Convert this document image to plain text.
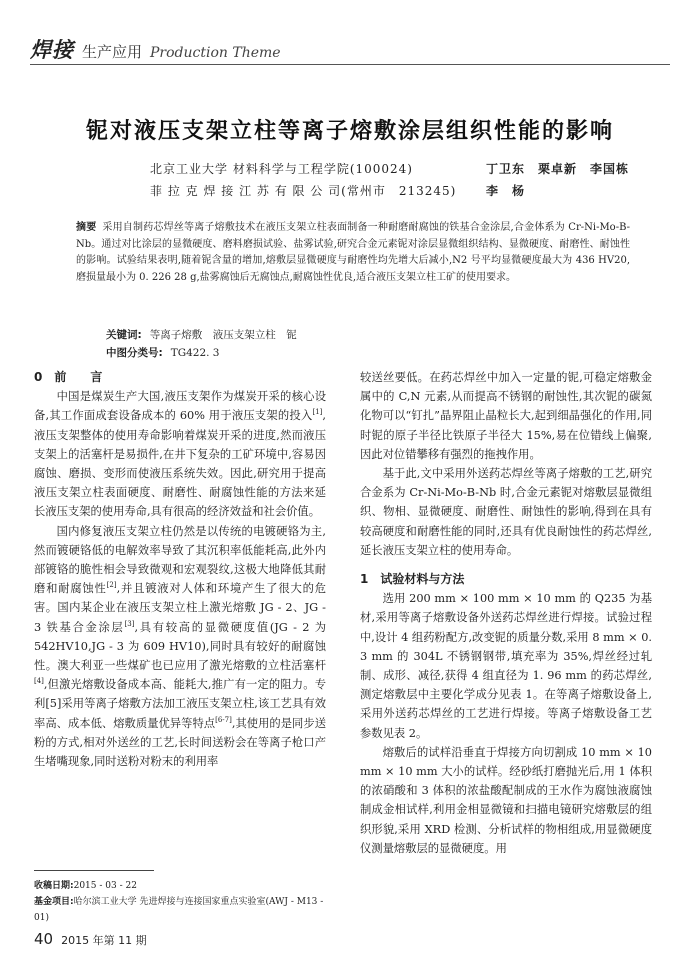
焊接 生产应用 Production Theme
铌对液压支架立柱等离子熔敷涂层组织性能的影响
北京工业大学 材料科学与工程学院(100024)	丁卫东　栗卓新　李国栋
菲 拉 克 焊 接 江 苏 有 限 公 司(常州市　213245) 李　杨
摘要 采用自制药芯焊丝等离子熔敷技术在液压支架立柱表面制备一种耐磨耐腐蚀的铁基合金涂层,合金体系为 Cr-Ni-Mo-B-Nb。通过对比涂层的显微硬度、磨料磨损试验、盐雾试验,研究合金元素铌对涂层显微组织结构、显微硬度、耐磨性、耐蚀性的影响。试验结果表明,随着铌含量的增加,熔敷层显微硬度与耐磨性均先增大后减小,N2 号平均显微硬度最大为 436 HV20,磨损量最小为 0. 226 28 g,盐雾腐蚀后无腐蚀点,耐腐蚀性优良,适合液压支架立柱工矿的使用要求。
关键词: 等离子熔敷　液压支架立柱　铌
中图分类号: TG422. 3

0　前　　言

中国是煤炭生产大国,液压支架作为煤炭开采的核心设备,其工作面成套设备成本的 60% 用于液压支架的投入[1],液压支架整体的使用寿命影响着煤炭开采的进度,然而液压支架上的活塞杆是易损件,在井下复杂的工矿环境中,容易因腐蚀、磨损、变形而使液压系统失效。因此,研究用于提高液压支架立柱表面硬度、耐磨性、耐腐蚀性能的方法来延长液压支架的使用寿命,具有很高的经济效益和社会价值。

国内修复液压支架立柱仍然是以传统的电镀硬铬为主,然而镀硬铬低的电解效率导致了其沉积率低能耗高,此外内部镀铬的脆性相会导致微观和宏观裂纹,这极大地降低其耐磨和耐腐蚀性[2],并且镀液对人体和环境产生了很大的危害。国内某企业在液压支架立柱上激光熔敷 JG - 2、JG - 3 铁基合金涂层[3],具有较高的显微硬度值(JG - 2 为 542HV10,JG - 3 为 609 HV10),同时具有较好的耐腐蚀性。澳大利亚一些煤矿也已应用了激光熔敷的立柱活塞杆[4],但激光熔敷设备成本高、能耗大,推广有一定的阻力。专利[5]采用等离子熔敷方法加工液压支架立柱,该工艺具有效率高、成本低、熔敷质量优异等特点[6-7],其使用的是同步送粉的方式,相对外送丝的工艺,长时间送粉会在等离子枪口产生堵嘴现象,同时送粉对粉末的利用率

较送丝要低。在药芯焊丝中加入一定量的铌,可稳定熔敷金属中的 C,N 元素,从而提高不锈钢的耐蚀性,其次铌的碳氮化物可以“钉扎”晶界阻止晶粒长大,起到细晶强化的作用,同时铌的原子半径比铁原子半径大 15%,易在位错线上偏聚,因此对位错攀移有强烈的拖拽作用。

基于此,文中采用外送药芯焊丝等离子熔敷的工艺,研究合金系为 Cr-Ni-Mo-B-Nb 时,合金元素铌对熔敷层显微组织、物相、显微硬度、耐磨性、耐蚀性的影响,得到在具有较高硬度和耐磨性能的同时,还具有优良耐蚀性的药芯焊丝,延长液压支架立柱的使用寿命。

1　试验材料与方法

选用 200 mm × 100 mm × 10 mm 的 Q235 为基材,采用等离子熔敷设备外送药芯焊丝进行焊接。试验过程中,设计 4 组药粉配方,改变铌的质量分数,采用 8 mm × 0. 3 mm 的 304L 不锈钢钢带,填充率为 35%,焊丝经过轧制、成形、减径,获得 4 组直径为 1. 96 mm 的药芯焊丝,测定熔敷层中主要化学成分见表 1。在等离子熔敷设备上,采用外送药芯焊丝的工艺进行焊接。等离子熔敷设备工艺参数见表 2。

熔敷后的试样沿垂直于焊接方向切割成 10 mm × 10 mm × 10 mm 大小的试样。经砂纸打磨抛光后,用 1 体积的浓硝酸和 3 体积的浓盐酸配制成的王水作为腐蚀液腐蚀制成金相试样,利用金相显微镜和扫描电镜研究熔敷层的组织形貌,采用 XRD 检测、分析试样的物相组成,用显微硬度仪测量熔敷层的显微硬度。用

收稿日期:2015 - 03 - 22
基金项目:哈尔滨工业大学 先进焊接与连接国家重点实验室(AWJ - M13 - 01)
40 2015 年第 11 期
